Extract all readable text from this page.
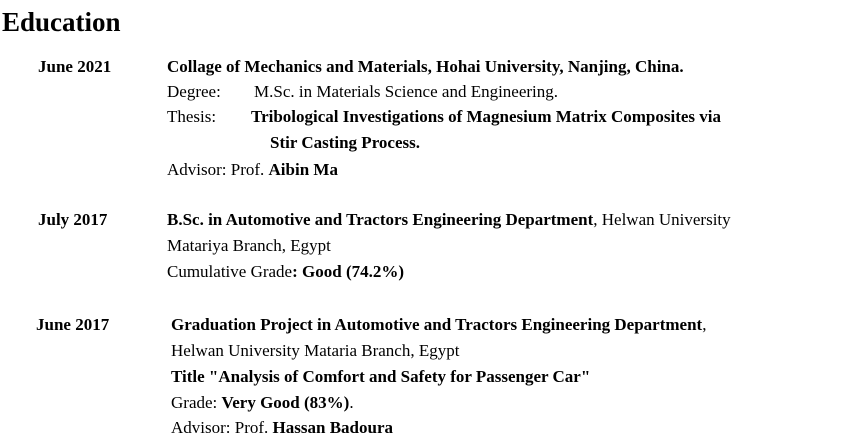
Education
June 2021	Collage of Mechanics and Materials, Hohai University, Nanjing, China.
Degree: M.Sc. in Materials Science and Engineering.
Thesis: Tribological Investigations of Magnesium Matrix Composites via
Stir Casting Process.
Advisor: Prof. Aibin Ma
July 2017	B.Sc. in Automotive and Tractors Engineering Department, Helwan University
Matariya Branch, Egypt
Cumulative Grade: Good (74.2%)
June 2017	Graduation Project in Automotive and Tractors Engineering Department,
Helwan University Mataria Branch, Egypt
Title "Analysis of Comfort and Safety for Passenger Car"
Grade: Very Good (83%).
Advisor: Prof. Hassan Badoura
